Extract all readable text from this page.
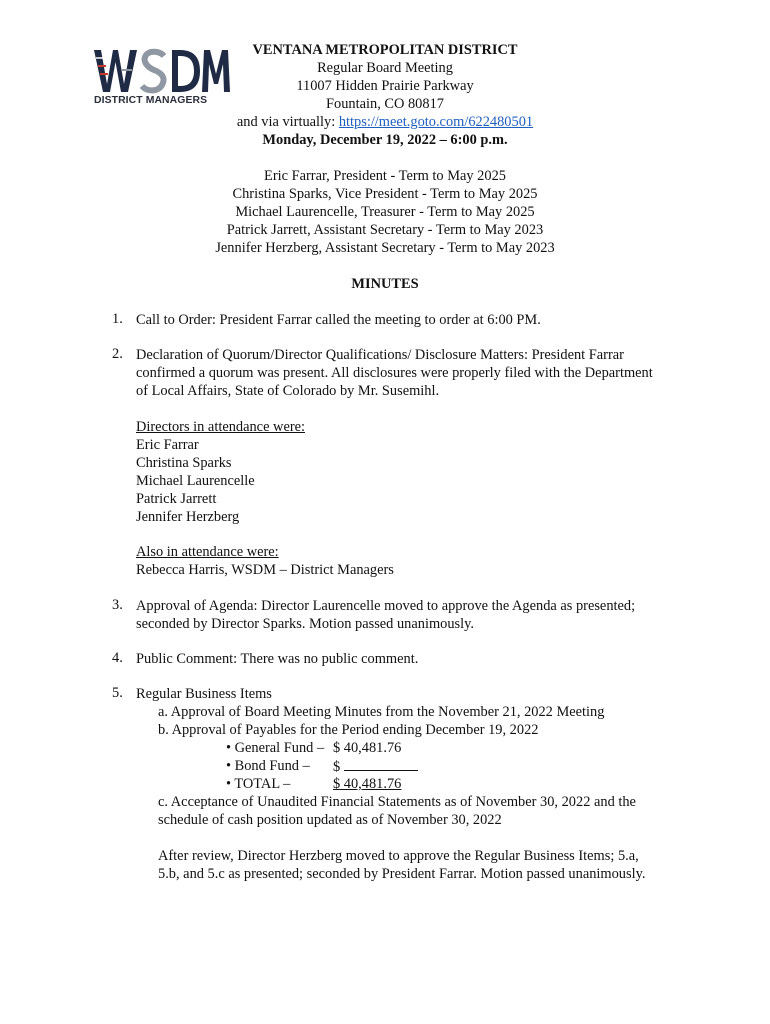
DISTRICT MANAGERS
VENTANA METROPOLITAN DISTRICT
Regular Board Meeting
11007 Hidden Prairie Parkway
Fountain, CO 80817
and via virtually: https://meet.goto.com/622480501
Monday, December 19, 2022 – 6:00 p.m.
Eric Farrar, President - Term to May 2025
Christina Sparks, Vice President - Term to May 2025
Michael Laurencelle, Treasurer - Term to May 2025
Patrick Jarrett, Assistant Secretary - Term to May 2023
Jennifer Herzberg, Assistant Secretary - Term to May 2023
MINUTES
1. Call to Order: President Farrar called the meeting to order at 6:00 PM.
2. Declaration of Quorum/Director Qualifications/ Disclosure Matters: President Farrar
confirmed a quorum was present. All disclosures were properly filed with the Department
of Local Affairs, State of Colorado by Mr. Susemihl.
Directors in attendance were:
Eric Farrar
Christina Sparks
Michael Laurencelle
Patrick Jarrett
Jennifer Herzberg
Also in attendance were:
Rebecca Harris, WSDM – District Managers
3. Approval of Agenda: Director Laurencelle moved to approve the Agenda as presented;
seconded by Director Sparks. Motion passed unanimously.
4. Public Comment: There was no public comment.
5. Regular Business Items
a. Approval of Board Meeting Minutes from the November 21, 2022 Meeting
b. Approval of Payables for the Period ending December 19, 2022
• General Fund – $ 40,481.76
• Bond Fund – $
• TOTAL –	$ 40,481.76
c. Acceptance of Unaudited Financial Statements as of November 30, 2022 and the
schedule of cash position updated as of November 30, 2022
After review, Director Herzberg moved to approve the Regular Business Items; 5.a,
5.b, and 5.c as presented; seconded by President Farrar. Motion passed unanimously.
